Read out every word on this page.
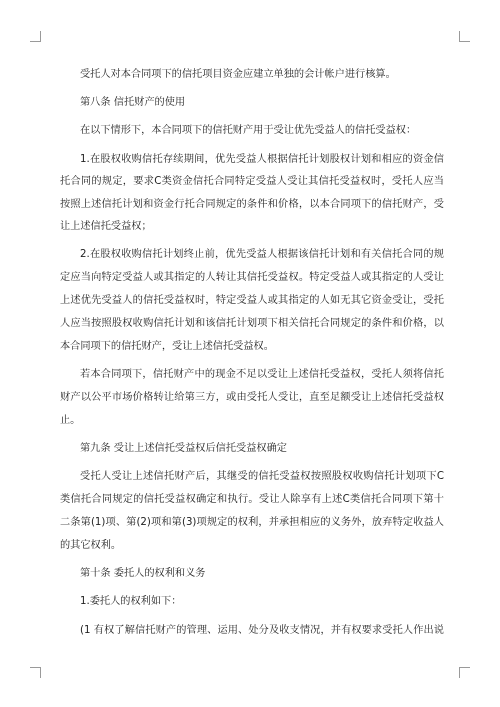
受托人对本合同项下的信托项目资金应建立单独的会计帐户进行核算。
第八条 信托财产的使用
在以下情形下，本合同项下的信托财产用于受让优先受益人的信托受益权：
1.在股权收购信托存续期间，优先受益人根据信托计划股权计划和相应的资金信
托合同的规定，要求C类资金信托合同特定受益人受让其信托受益权时，受托人应当
按照上述信托计划和资金行托合同规定的条件和价格，以本合同项下的信托财产，受
让上述信托受益权；
2.在股权收购信托计划终止前，优先受益人根据该信托计划和有关信托合同的规
定应当向特定受益人或其指定的人转让其信托受益权。特定受益人或其指定的人受让
上述优先受益人的信托受益权时，特定受益人或其指定的人如无其它资金受让，受托
人应当按照股权收购信托计划和该信托计划项下相关信托合同规定的条件和价格，以
本合同项下的信托财产，受让上述信托受益权。
若本合同项下，信托财产中的现金不足以受让上述信托受益权，受托人须将信托
财产以公平市场价格转让给第三方，或由受托人受让，直至足额受让上述信托受益权
止。
第九条 受让上述信托受益权后信托受益权确定
受托人受让上述信托财产后，其继受的信托受益权按照股权收购信托计划项下C
类信托合同规定的信托受益权确定和执行。受让人除享有上述C类信托合同项下第十
二条第(1)项、第(2)项和第(3)项规定的权利，并承担相应的义务外，放弃特定收益人
的其它权利。
第十条 委托人的权利和义务
1.委托人的权利如下：
(1 有权了解信托财产的管理、运用、处分及收支情况，并有权要求受托人作出说
